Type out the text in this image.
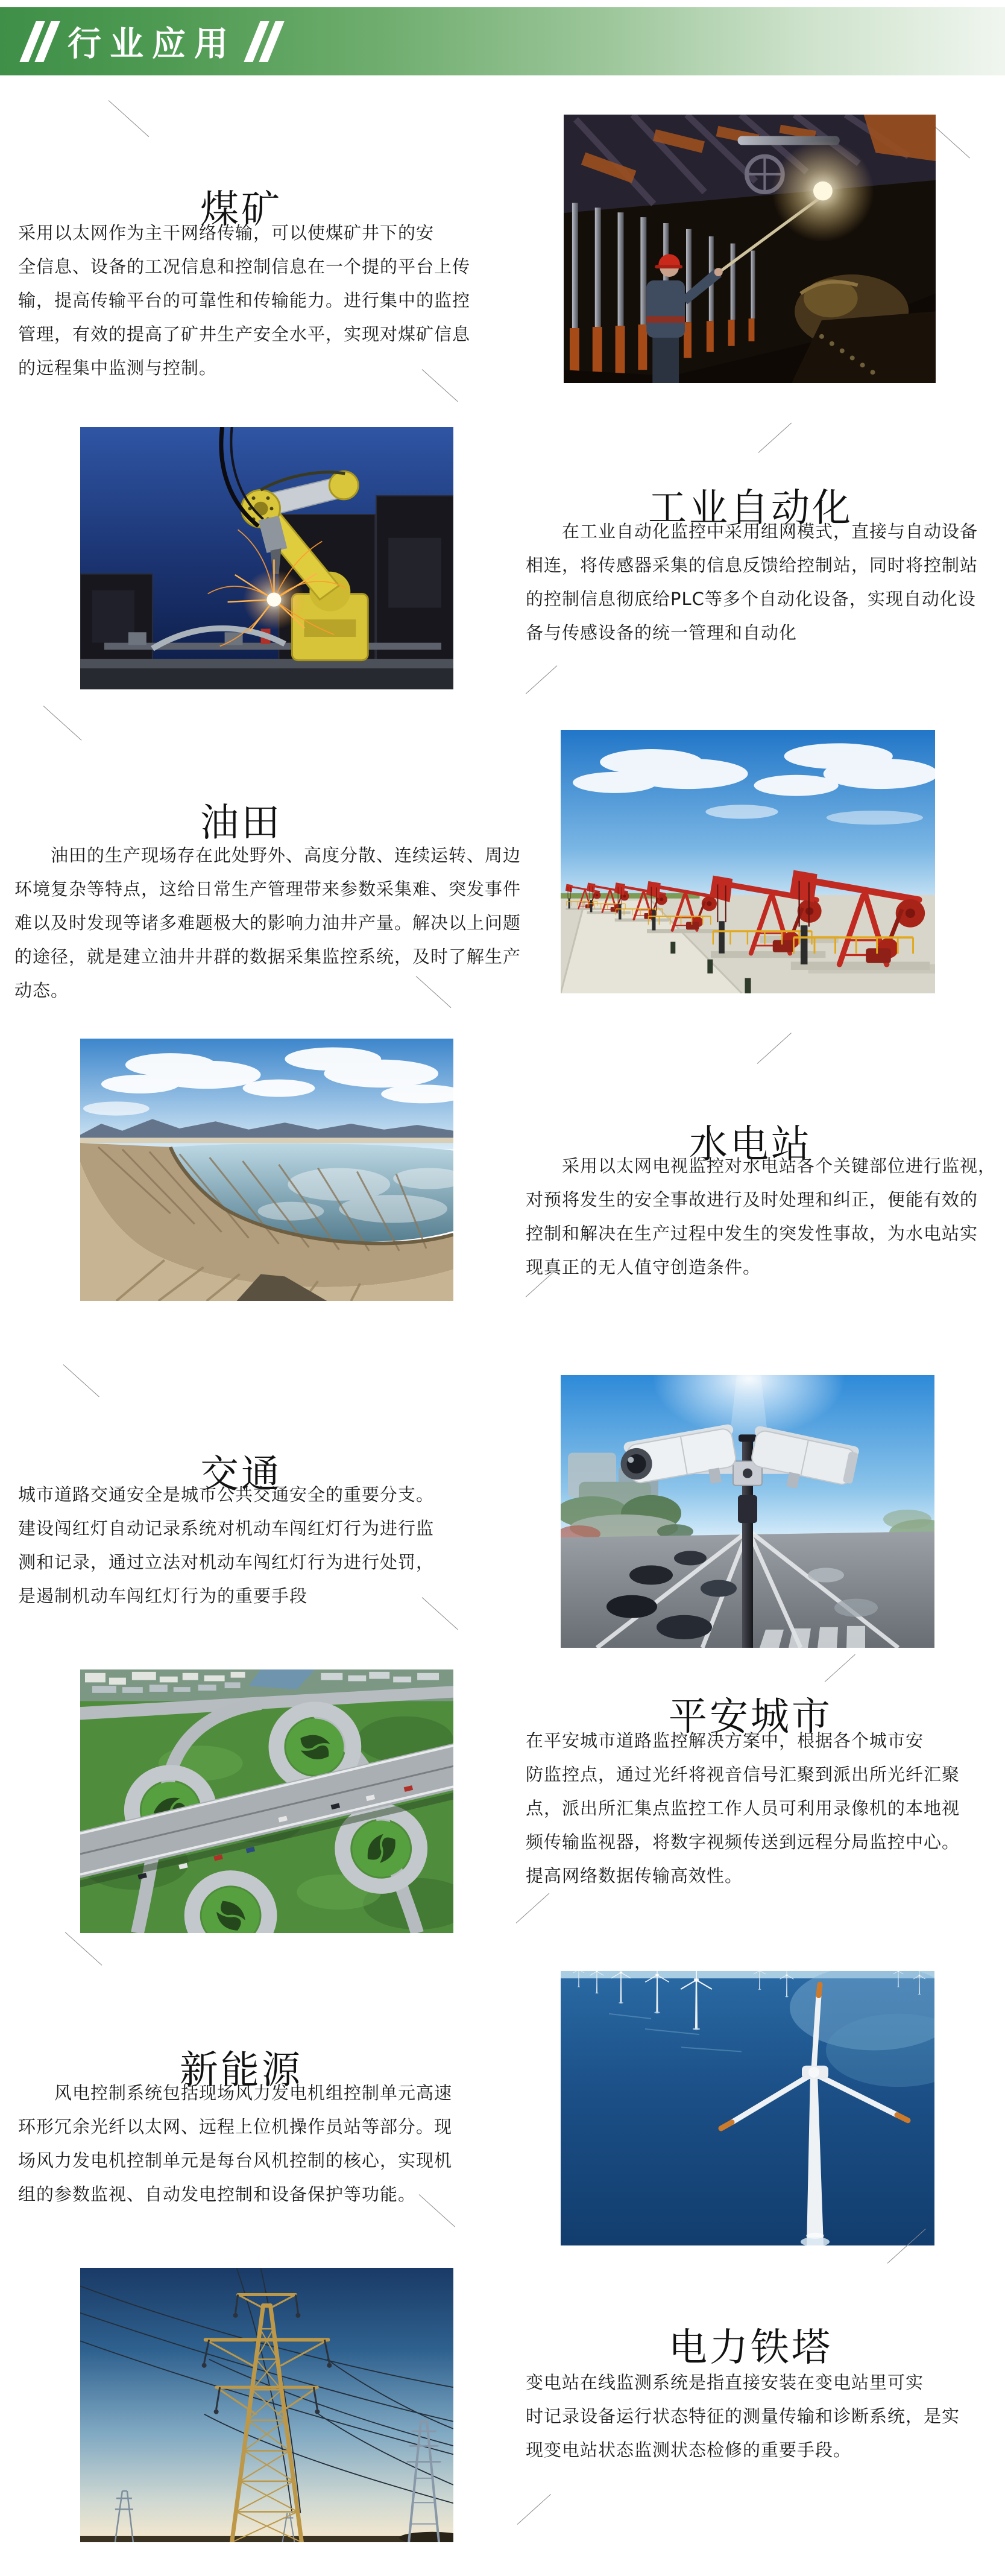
行业应用
煤矿
采用以太网作为主干网络传输，可以使煤矿井下的安
全信息、设备的工况信息和控制信息在一个提的平台上传
输，提高传输平台的可靠性和传输能力。进行集中的监控
管理，有效的提高了矿井生产安全水平，实现对煤矿信息
的远程集中监测与控制。
工业自动化
　　在工业自动化监控中采用组网模式，直接与自动设备
相连，将传感器采集的信息反馈给控制站，同时将控制站
的控制信息彻底给PLC等多个自动化设备，实现自动化设
备与传感设备的统一管理和自动化
油田
　　油田的生产现场存在此处野外、高度分散、连续运转、周边
环境复杂等特点，这给日常生产管理带来参数采集难、突发事件
难以及时发现等诸多难题极大的影响力油井产量。解决以上问题
的途径，就是建立油井井群的数据采集监控系统，及时了解生产
动态。
水电站
　　采用以太网电视监控对水电站各个关键部位进行监视，
对预将发生的安全事故进行及时处理和纠正，便能有效的
控制和解决在生产过程中发生的突发性事故，为水电站实
现真正的无人值守创造条件。
交通
城市道路交通安全是城市公共交通安全的重要分支。
建设闯红灯自动记录系统对机动车闯红灯行为进行监
测和记录，通过立法对机动车闯红灯行为进行处罚，
是遏制机动车闯红灯行为的重要手段
平安城市
在平安城市道路监控解决方案中，根据各个城市安
防监控点，通过光纤将视音信号汇聚到派出所光纤汇聚
点，派出所汇集点监控工作人员可利用录像机的本地视
频传输监视器，将数字视频传送到远程分局监控中心。
提高网络数据传输高效性。
新能源
　　风电控制系统包括现场风力发电机组控制单元高速
环形冗余光纤以太网、远程上位机操作员站等部分。现
场风力发电机控制单元是每台风机控制的核心，实现机
组的参数监视、自动发电控制和设备保护等功能。
电力铁塔
变电站在线监测系统是指直接安装在变电站里可实
时记录设备运行状态特征的测量传输和诊断系统，是实
现变电站状态监测状态检修的重要手段。
